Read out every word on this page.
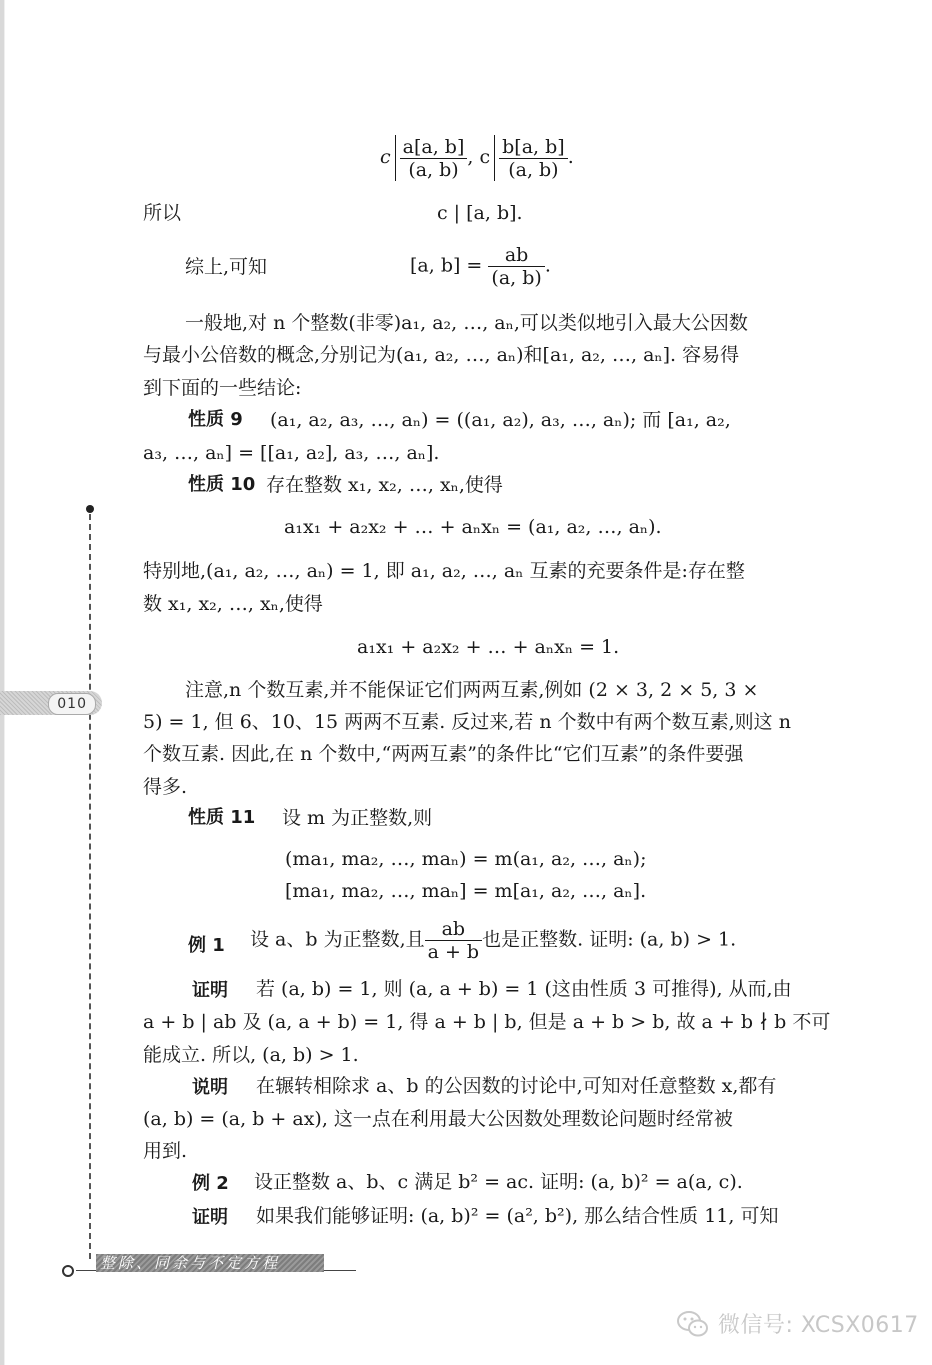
c $\frac{a[a, b]}{(a, b)}$ , c $\frac{b[a, b]}{(a, b)}$ .
所以	c | [a, b].
综上,可知	[a, $b] = \frac{ab}{(a, b)}$ .
一般地,对 n 个整数(非零)a₁, a₂, …, aₙ,可以类似地引入最大公因数
与最小公倍数的概念,分别记为(a₁, a₂, …, aₙ)和[a₁, a₂, …, aₙ]. 容易得
到下面的一些结论:
性质 9 (a₁, a₂, a₃, …, aₙ) = ((a₁, a₂), a₃, …, aₙ); 而 [a₁, a₂,
a₃, …, aₙ] = [[a₁, a₂], a₃, …, aₙ].
性质 10 存在整数 x₁, x₂, …, xₙ,使得
a₁x₁ + a₂x₂ + … + aₙxₙ = (a₁, a₂, …, aₙ).
特别地,(a₁, a₂, …, aₙ) = 1, 即 a₁, a₂, …, aₙ 互素的充要条件是:存在整
数 x₁, x₂, …, xₙ,使得
a₁x₁ + a₂x₂ + … + aₙxₙ = 1.
注意,n 个数互素,并不能保证它们两两互素,例如 (2 × 3, 2 × 5, 3 ×
5) = 1, 但 6、10、15 两两不互素. 反过来,若 n 个数中有两个数互素,则这 n
个数互素. 因此,在 n 个数中,“两两互素”的条件比“它们互素”的条件要强
得多.
性质 11 设 m 为正整数,则
(ma₁, ma₂, …, maₙ) = m(a₁, a₂, …, aₙ);
[ma₁, ma₂, …, maₙ] = m[a₁, a₂, …, aₙ].
例 1 设 a、b 为正整数,且 $\frac{ab}{a + b}$ 也是正整数. 证明: (a, b) > 1.
证明 若 (a, b) = 1, 则 (a, a + b) = 1 (这由性质 3 可推得), 从而,由
a + b | ab 及 (a, a + b) = 1, 得 a + b | b, 但是 a + b > b, 故 a + b ∤ b 不可
能成立. 所以, (a, b) > 1.
说明 在辗转相除求 a、b 的公因数的讨论中,可知对任意整数 x,都有
(a, b) = (a, b + ax), 这一点在利用最大公因数处理数论问题时经常被
用到.
例 2 设正整数 a、b、c 满足 b² = ac. 证明: (a, b)² = a(a, c).
证明 如果我们能够证明: (a, b)² = (a², b²), 那么结合性质 11, 可知
010
整除、同余与不定方程
微信号: XCSX0617
